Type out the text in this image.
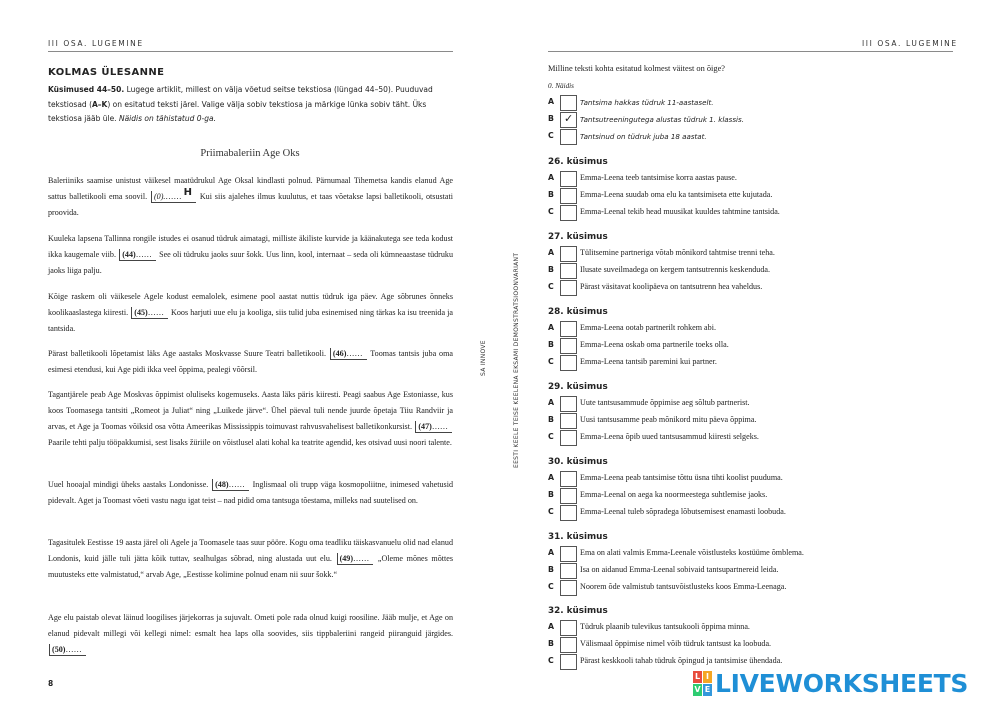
III OSA. LUGEMINE
KOLMAS ÜLESANNE
Küsimused 44–50. Lugege artiklit, millest on välja võetud seitse tekstiosa (lüngad 44–50). Puuduvad tekstiosad (A–K) on esitatud teksti järel. Valige välja sobiv tekstiosa ja märkige lünka sobiv täht. Üks tekstiosa jääb üle. Näidis on tähistatud 0-ga.
Priimabaleriin Age Oks

Baleriiniks saamise unistust väikesel maatüdrukul Age Oksal kindlasti polnud. Pärnumaal Tihemetsa kandis elanud Age sattus balletikooli ema soovil. (0).…… H Kui siis ajalehes ilmus kuulutus, et taas võetakse lapsi balletikooli, otsustati proovida.

Kuuleka lapsena Tallinna rongile istudes ei osanud tüdruk aimatagi, milliste äkiliste kurvide ja käänakutega see teda kodust ikka kaugemale viib. (44)…… See oli tüdruku jaoks suur šokk. Uus linn, kool, internaat – seda oli kümneaastase tüdruku jaoks liiga palju.

Kõige raskem oli väikesele Agele kodust eemalolek, esimene pool aastat nuttis tüdruk iga päev. Age sõbrunes õnneks koolikaaslastega kiiresti. (45)…… Koos harjuti uue elu ja kooliga, siis tulid juba esinemised ning tärkas ka isu treenida ja tantsida.

Pärast balletikooli lõpetamist läks Age aastaks Moskvasse Suure Teatri balletikooli. (46)…… Toomas tantsis juba oma esimesi etendusi, kui Age pidi ikka veel õppima, pealegi võõrsil.

Tagantjärele peab Age Moskvas õppimist oluliseks kogemuseks. Aasta läks päris kiiresti. Peagi saabus Age Estoniasse, kus koos Toomasega tantsiti „Romeot ja Juliat“ ning „Luikede järve“. Ühel päeval tuli nende juurde õpetaja Tiiu Randviir ja arvas, et Age ja Toomas võiksid osa võtta Ameerikas Mississippis toimuvast rahvusvahelisest balletikonkursist. (47)…… Paarile tehti palju tööpakkumisi, sest lisaks žüriile on võistlusel alati kohal ka teatrite agendid, kes otsivad uusi noori talente.

Uuel hooajal mindigi üheks aastaks Londonisse. (48)…… Inglismaal oli trupp väga kosmopoliitne, inimesed vahetusid pidevalt. Aget ja Toomast võeti vastu nagu igat teist – nad pidid oma tantsuga tõestama, milleks nad suutelised on.

Tagasitulek Eestisse 19 aasta järel oli Agele ja Toomasele taas suur pööre. Kogu oma teadliku täiskasvanuelu olid nad elanud Londonis, kuid jälle tuli jätta kõik tuttav, sealhulgas sõbrad, ning alustada uut elu. (49)…… „Oleme mõnes mõttes muutusteks ette valmistatud,“ arvab Age, „Eestisse kolimine polnud enam nii suur šokk.“

Age elu paistab olevat läinud loogilises järjekorras ja sujuvalt. Ometi pole rada olnud kuigi roosiline. Jääb mulje, et Age on elanud pidevalt millegi või kellegi nimel: esmalt hea laps olla soovides, siis tippbaleriini rangeid piiranguid järgides. (50)……

8
SA INNOVE	EESTI KEELE TEISE KEELENA EKSAMI DEMONSTRATSIOONVARIANT
III OSA. LUGEMINE
Milline teksti kohta esitatud kolmest väitest on õige?
0. Näidis
A	Tantsima hakkas tüdruk 11-aastaselt.
B ✓ Tantsutreeningutega alustas tüdruk 1. klassis.
C	Tantsinud on tüdruk juba 18 aastat.
26. küsimus
A	Emma-Leena teeb tantsimise korra aastas pause.
B	Emma-Leena suudab oma elu ka tantsimiseta ette kujutada.
C	Emma-Leenal tekib head muusikat kuuldes tahtmine tantsida.
27. küsimus
A	Tülitsemine partneriga võtab mõnikord tahtmise trenni teha.
B	Ilusate suveilmadega on kergem tantsutrennis keskenduda.
C	Pärast väsitavat koolipäeva on tantsutrenn hea vaheldus.
28. küsimus
A	Emma-Leena ootab partnerilt rohkem abi.
B	Emma-Leena oskab oma partnerile toeks olla.
C	Emma-Leena tantsib paremini kui partner.
29. küsimus
A	Uute tantsusammude õppimise aeg sõltub partnerist.
B	Uusi tantsusamme peab mõnikord mitu päeva õppima.
C	Emma-Leena õpib uued tantsusammud kiiresti selgeks.
30. küsimus
A	Emma-Leena peab tantsimise tõttu üsna tihti koolist puuduma.
B	Emma-Leenal on aega ka noormeestega suhtlemise jaoks.
C	Emma-Leenal tuleb sõpradega lõbutsemisest enamasti loobuda.
31. küsimus
A	Ema on alati valmis Emma-Leenale võistlusteks kostüüme õmblema.
B	Isa on aidanud Emma-Leenal sobivaid tantsupartnereid leida.
C	Noorem õde valmistub tantsuvõistlusteks koos Emma-Leenaga.
32. küsimus
A	Tüdruk plaanib tulevikus tantsukooli õppima minna.
B	Välismaal õppimise nimel võib tüdruk tantsust ka loobuda.
C	Pärast keskkooli tahab tüdruk õpingud ja tantsimise ühendada.
L I
V E LIVEWORKSHEETS
